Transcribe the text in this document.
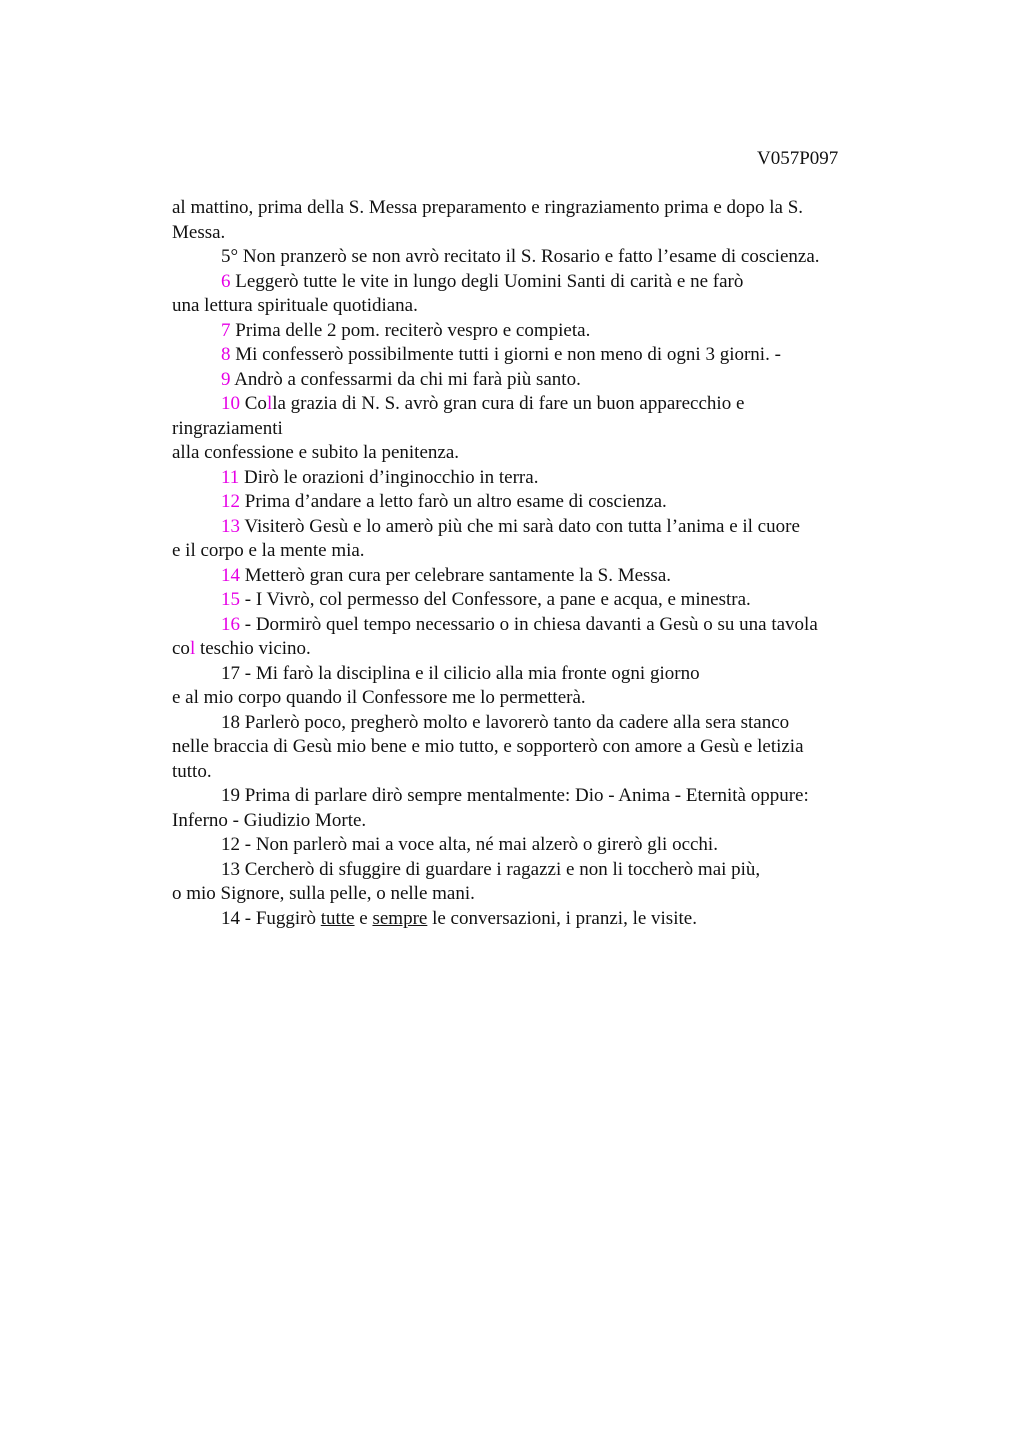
V057P097
al mattino, prima della S. Messa preparamento e ringraziamento prima e dopo la S.
Messa.
5° Non pranzerò se non avrò recitato il S. Rosario e fatto l’esame di coscienza.
6 Leggerò tutte le vite in lungo degli Uomini Santi di carità e ne farò
una lettura spirituale quotidiana.
7 Prima delle 2 pom. reciterò vespro e compieta.
8 Mi confesserò possibilmente tutti i giorni e non meno di ogni 3 giorni. -
9 Andrò a confessarmi da chi mi farà più santo.
10 Colla grazia di N. S. avrò gran cura di fare un buon apparecchio e
ringraziamenti
alla confessione e subito la penitenza.
11 Dirò le orazioni d’inginocchio in terra.
12 Prima d’andare a letto farò un altro esame di coscienza.
13 Visiterò Gesù e lo amerò più che mi sarà dato con tutta l’anima e il cuore
e il corpo e la mente mia.
14 Metterò gran cura per celebrare santamente la S. Messa.
15 - I Vivrò, col permesso del Confessore, a pane e acqua, e minestra.
16 - Dormirò quel tempo necessario o in chiesa davanti a Gesù o su una tavola
col teschio vicino.
17 - Mi farò la disciplina e il cilicio alla mia fronte ogni giorno
e al mio corpo quando il Confessore me lo permetterà.
18 Parlerò poco, pregherò molto e lavorerò tanto da cadere alla sera stanco
nelle braccia di Gesù mio bene e mio tutto, e sopporterò con amore a Gesù e letizia
tutto.
19 Prima di parlare dirò sempre mentalmente: Dio - Anima - Eternità oppure:
Inferno - Giudizio Morte.
12 - Non parlerò mai a voce alta, né mai alzerò o girerò gli occhi.
13 Cercherò di sfuggire di guardare i ragazzi e non li toccherò mai più,
o mio Signore, sulla pelle, o nelle mani.
14 - Fuggirò tutte e sempre le conversazioni, i pranzi, le visite.
